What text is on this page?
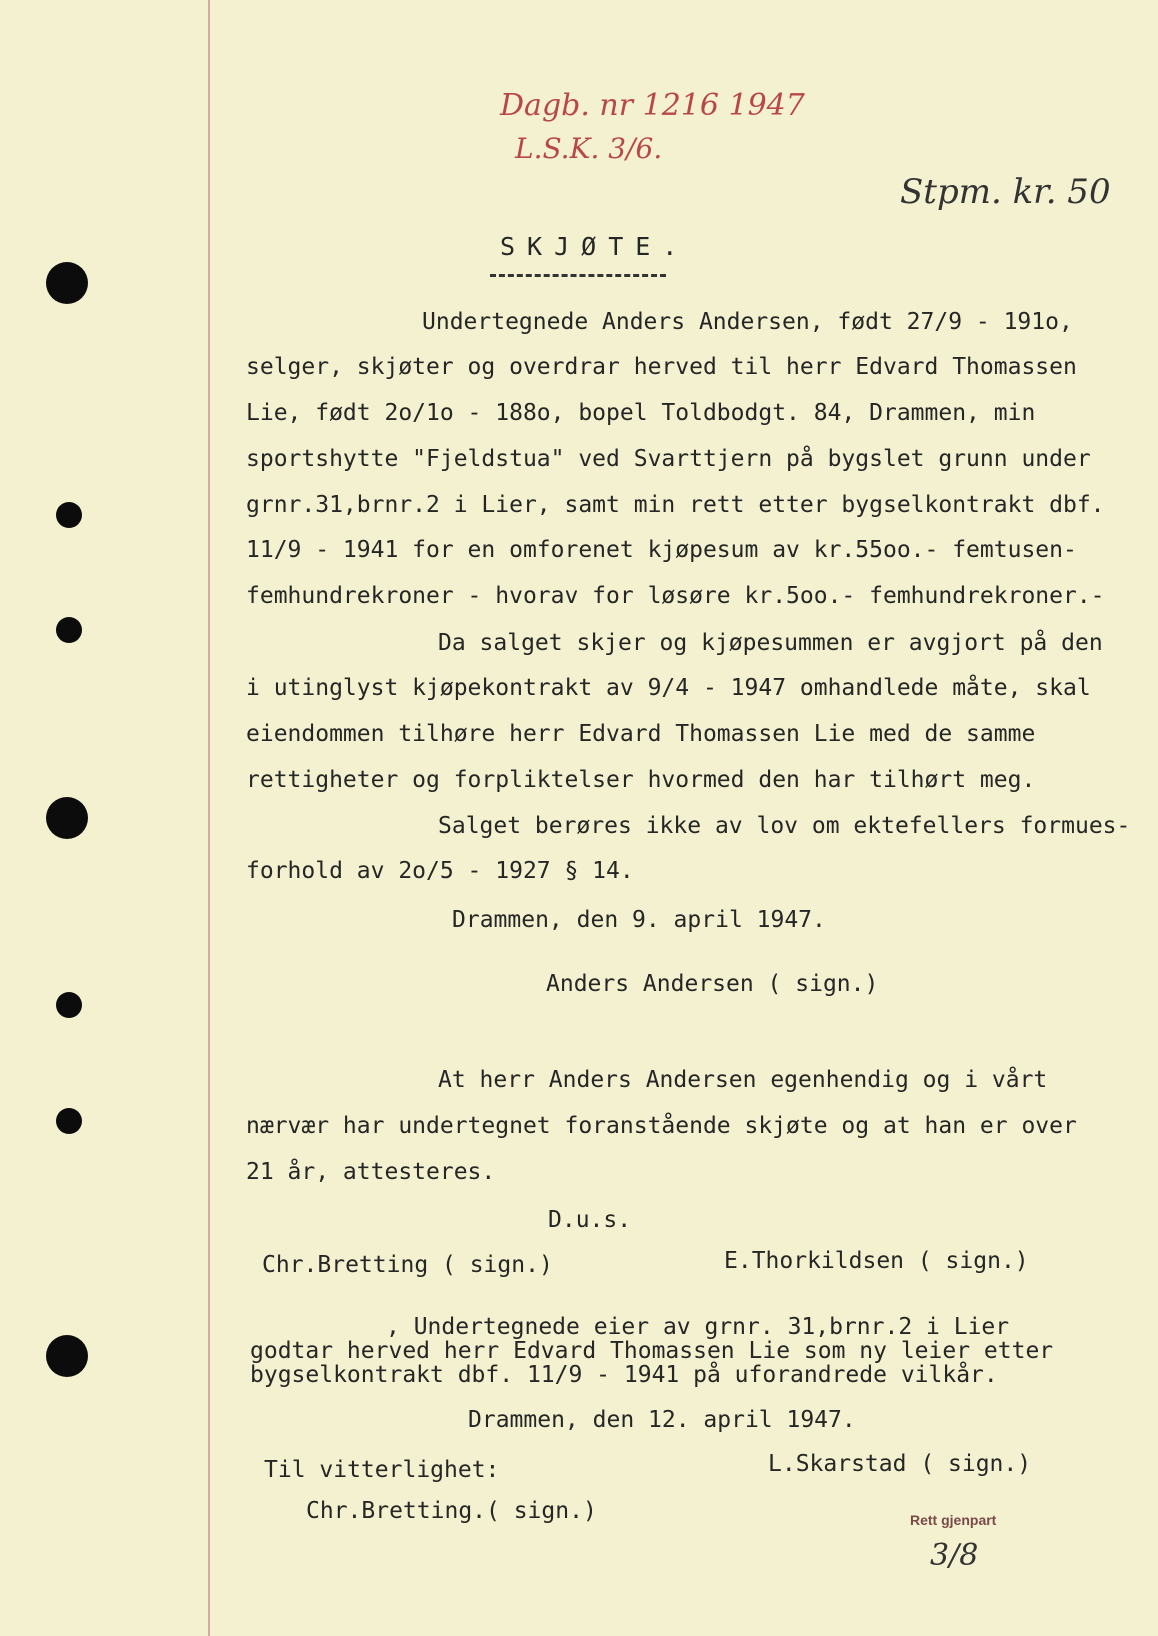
Dagb. nr 1216 1947
L.S.K. 3/6.
Stpm. kr. 50
SKJØTE.
Undertegnede Anders Andersen, født 27/9 - 191o,
selger, skjøter og overdrar herved til herr Edvard Thomassen
Lie, født 2o/1o - 188o, bopel Toldbodgt. 84, Drammen, min
sportshytte "Fjeldstua" ved Svarttjern på bygslet grunn under
grnr.31,brnr.2 i Lier, samt min rett etter bygselkontrakt dbf.
11/9 - 1941 for en omforenet kjøpesum av kr.55oo.- femtusen-
femhundrekroner - hvorav for løsøre kr.5oo.- femhundrekroner.-
Da salget skjer og kjøpesummen er avgjort på den
i utinglyst kjøpekontrakt av 9/4 - 1947 omhandlede måte, skal
eiendommen tilhøre herr Edvard Thomassen Lie med de samme
rettigheter og forpliktelser hvormed den har tilhørt meg.
Salget berøres ikke av lov om ektefellers formues-
forhold av 2o/5 - 1927 § 14.
Drammen, den 9. april 1947.
Anders Andersen ( sign.)
At herr Anders Andersen egenhendig og i vårt
nærvær har undertegnet foranstående skjøte og at han er over
21 år, attesteres.
D.u.s.
Chr.Bretting ( sign.)	E.Thorkildsen ( sign.)
, Undertegnede eier av grnr. 31,brnr.2 i Lier
godtar herved herr Edvard Thomassen Lie som ny leier etter
bygselkontrakt dbf. 11/9 - 1941 på uforandrede vilkår.
Drammen, den 12. april 1947.
Til vitterlighet:	L.Skarstad ( sign.)
Chr.Bretting.( sign.)	Rett gjenpart
3/8
